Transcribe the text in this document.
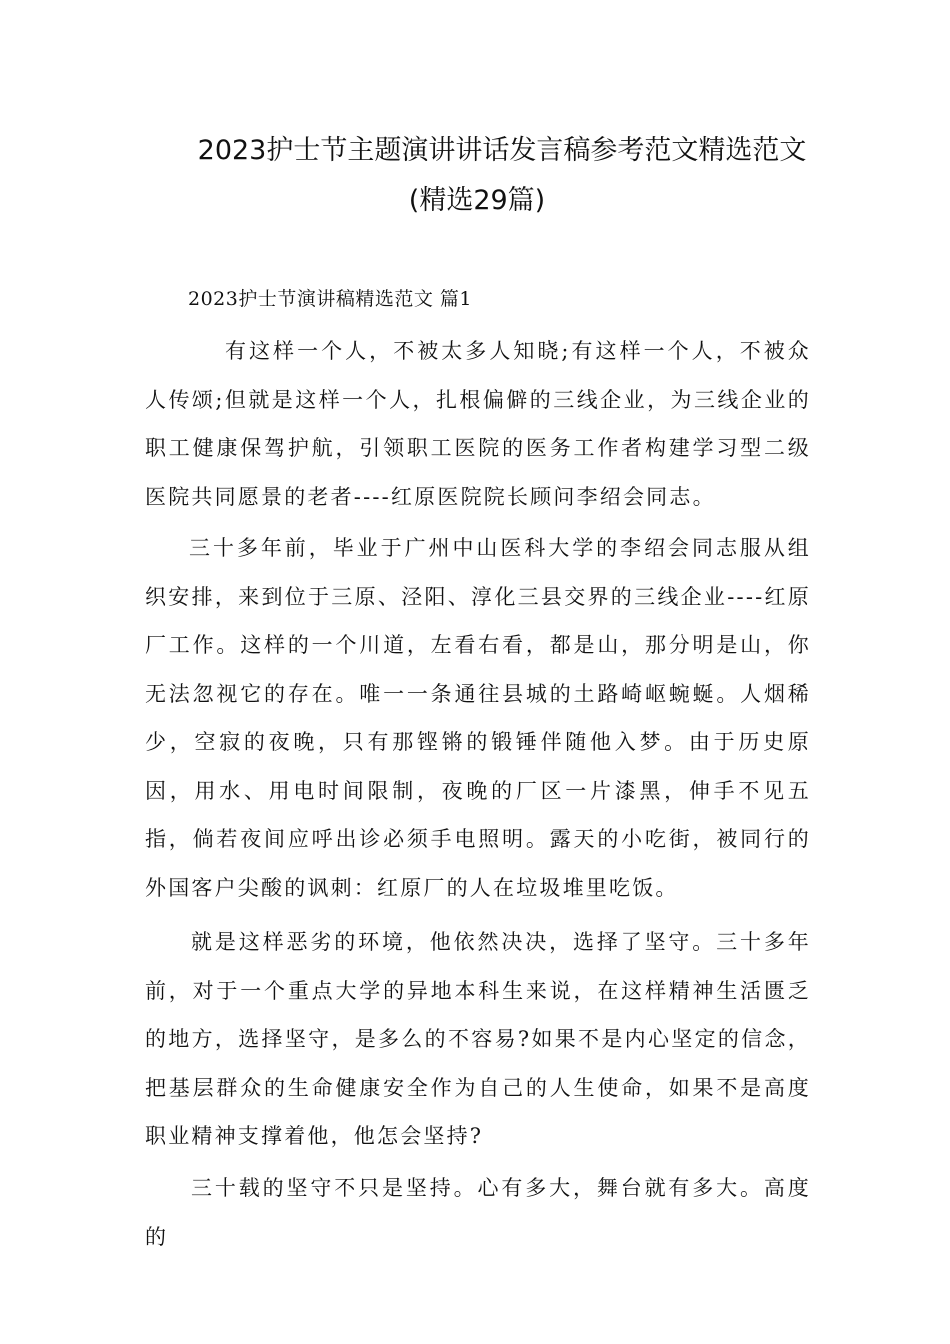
2023护士节主题演讲讲话发言稿参考范文精选范文
(精选29篇)
2023护士节演讲稿精选范文 篇1

有这样一个人，不被太多人知晓;有这样一个人，不被众人传颂;但就是这样一个人，扎根偏僻的三线企业，为三线企业的职工健康保驾护航，引领职工医院的医务工作者构建学习型二级医院共同愿景的老者----红原医院院长顾问李绍会同志。

三十多年前，毕业于广州中山医科大学的李绍会同志服从组织安排，来到位于三原、泾阳、淳化三县交界的三线企业----红原厂工作。这样的一个川道，左看右看，都是山，那分明是山，你无法忽视它的存在。唯一一条通往县城的土路崎岖蜿蜒。人烟稀少，空寂的夜晚，只有那铿锵的锻锤伴随他入梦。由于历史原因，用水、用电时间限制，夜晚的厂区一片漆黑，伸手不见五指，倘若夜间应呼出诊必须手电照明。露天的小吃街，被同行的外国客户尖酸的讽刺：红原厂的人在垃圾堆里吃饭。

就是这样恶劣的环境，他依然决决，选择了坚守。三十多年前，对于一个重点大学的异地本科生来说，在这样精神生活匮乏的地方，选择坚守，是多么的不容易?如果不是内心坚定的信念，把基层群众的生命健康安全作为自己的人生使命，如果不是高度职业精神支撑着他，他怎会坚持?

三十载的坚守不只是坚持。心有多大，舞台就有多大。高度的
